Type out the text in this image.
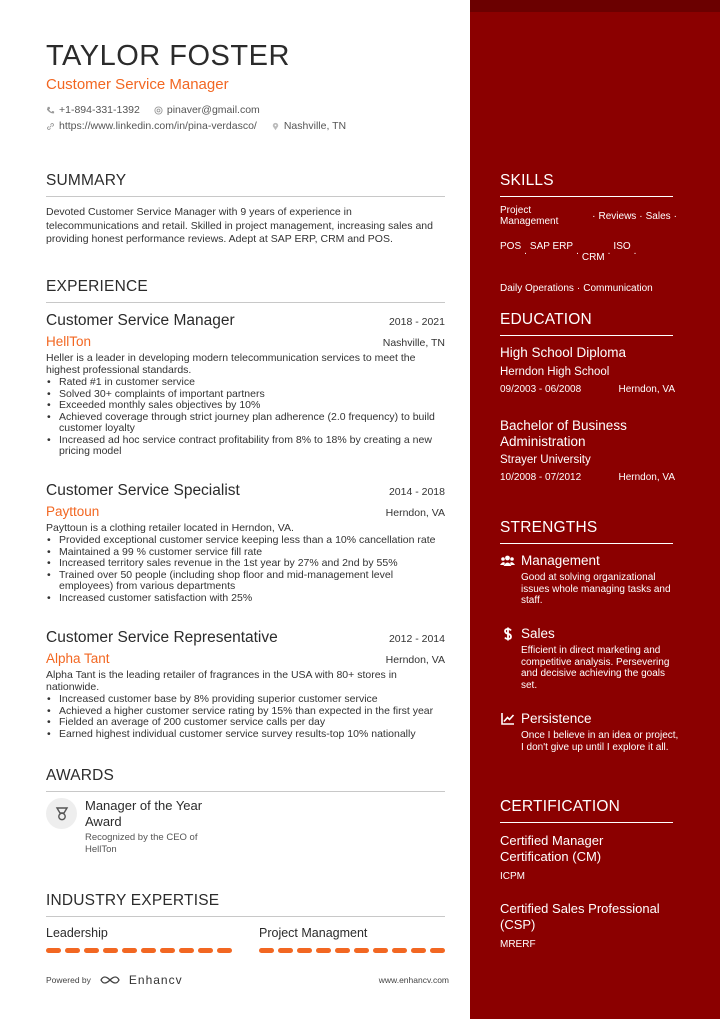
TAYLOR FOSTER
Customer Service Manager
+1-894-331-1392	pinaver@gmail.com
https://www.linkedin.com/in/pina-verdasco/	Nashville, TN
SUMMARY
Devoted Customer Service Manager with 9 years of experience in telecommunications and retail. Skilled in project management, increasing sales and providing honest performance reviews. Adept at SAP ERP, CRM and POS.
EXPERIENCE
Customer Service Manager	2018 - 2021
HellTon	Nashville, TN
Heller is a leader in developing modern telecommunication services to meet the highest professional standards.
• Rated #1 in customer service
• Solved 30+ complaints of important partners
• Exceeded monthly sales objectives by 10%
• Achieved coverage through strict journey plan adherence (2.0 frequency) to build customer loyalty
• Increased ad hoc service contract profitability from 8% to 18% by creating a new pricing model
Customer Service Specialist	2014 - 2018
Payttoun	Herndon, VA
Payttoun is a clothing retailer located in Herndon, VA.
• Provided exceptional customer service keeping less than a 10% cancellation rate
• Maintained a 99 % customer service fill rate
• Increased territory sales revenue in the 1st year by 27% and 2nd by 55%
• Trained over 50 people (including shop floor and mid-management level employees) from various departments
• Increased customer satisfaction with 25%
Customer Service Representative	2012 - 2014
Alpha Tant	Herndon, VA
Alpha Tant is the leading retailer of fragrances in the USA with 80+ stores in nationwide.
• Increased customer base by 8% providing superior customer service
• Achieved a higher customer service rating by 15% than expected in the first year
• Fielded an average of 200 customer service calls per day
• Earned highest individual customer service survey results-top 10% nationally
AWARDS
Manager of the Year Award
Recognized by the CEO of HellTon
INDUSTRY EXPERTISE
Leadership	Project Managment
Powered by	Enhancv	www.enhancv.com
SKILLS
Project Management	· Reviews · Sales ·
POS . SAP ERP .
CRM
. ISO .
Daily Operations · Communication
EDUCATION
High School Diploma
Herndon High School
09/2003 - 06/2008	Herndon, VA
Bachelor of Business Administration
Strayer University
10/2008 - 07/2012	Herndon, VA
STRENGTHS
Management
Good at solving organizational issues whole managing tasks and staff.
Sales
Efficient in direct marketing and competitive analysis. Persevering and decisive achieving the goals set.
Persistence
Once I believe in an idea or project, I don't give up until I explore it all.
CERTIFICATION
Certified Manager Certification (CM)
ICPM
Certified Sales Professional (CSP)
MRERF
